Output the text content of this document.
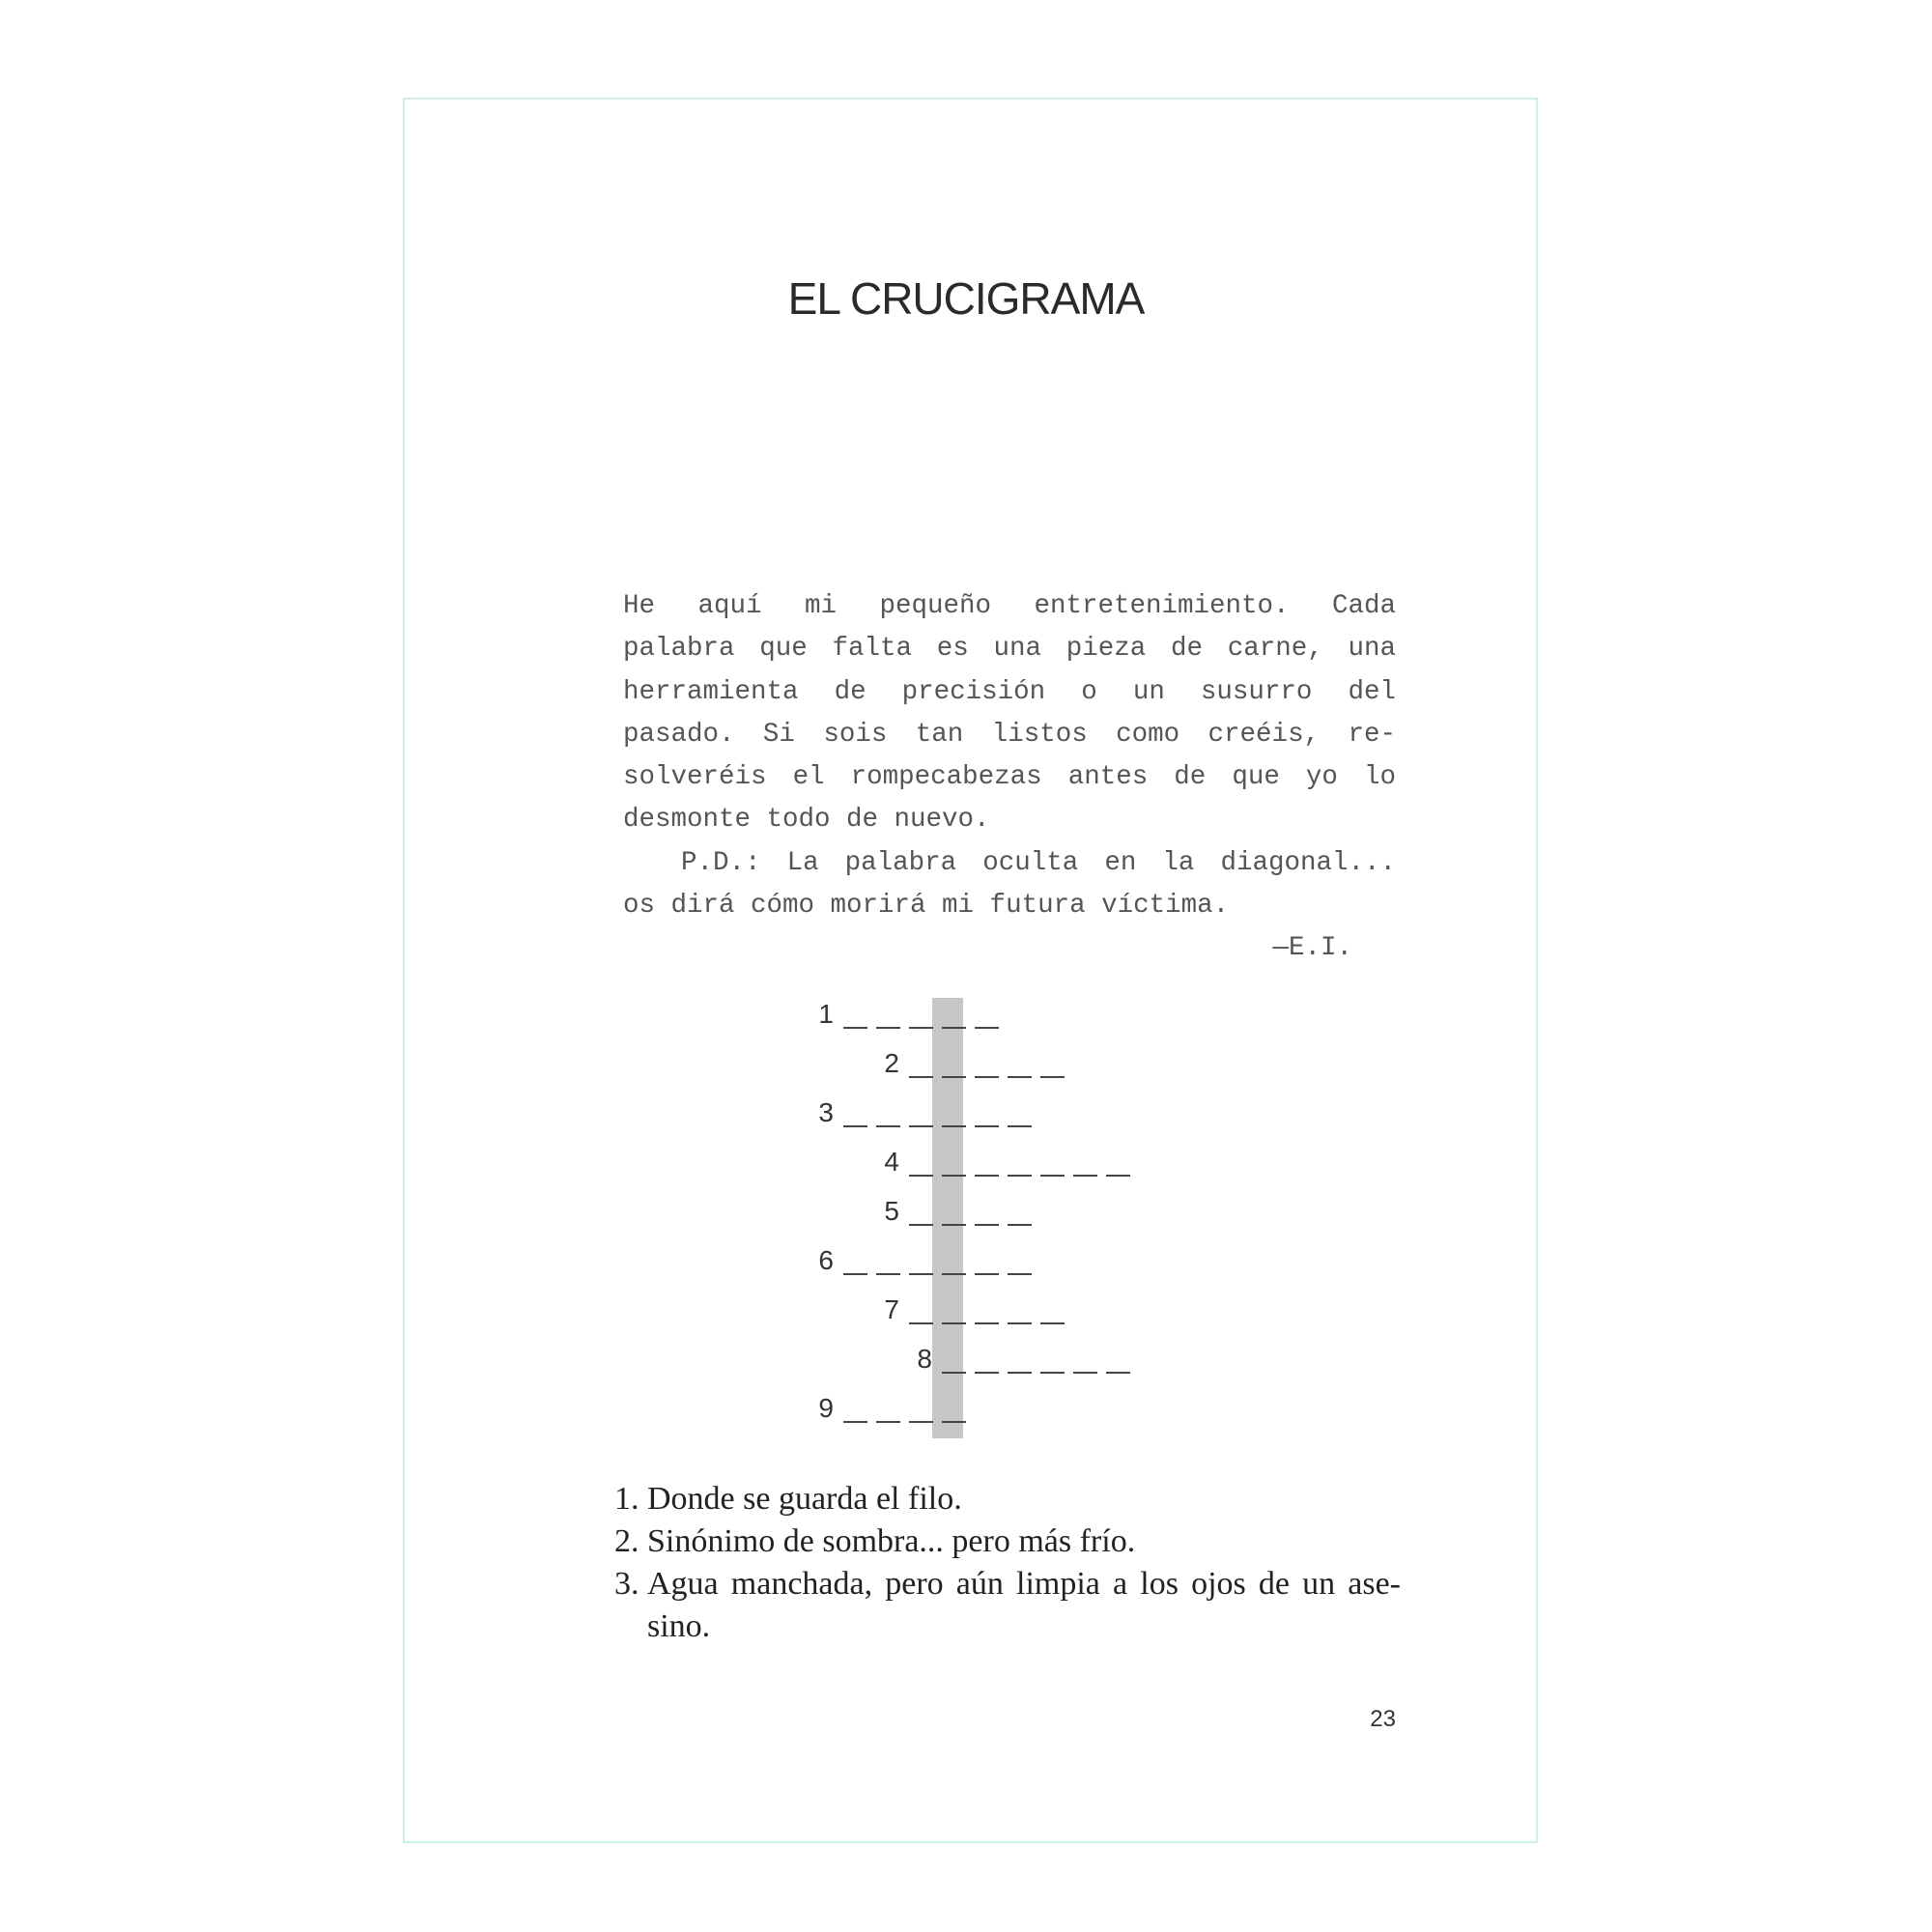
EL CRUCIGRAMA
He aquí mi pequeño entretenimiento. Cada
palabra que falta es una pieza de carne, una
herramienta de precisión o un susurro del
pasado. Si sois tan listos como creéis, re-
solveréis el rompecabezas antes de que yo lo
desmonte todo de nuevo.
P.D.: La palabra oculta en la diagonal...
os dirá cómo morirá mi futura víctima.
—E.I.
1
2
3
4
5
6
7
8
9
1. Donde se guarda el filo.
2. Sinónimo de sombra... pero más frío.
3. Agua manchada, pero aún limpia a los ojos de un ase-
sino.
23
